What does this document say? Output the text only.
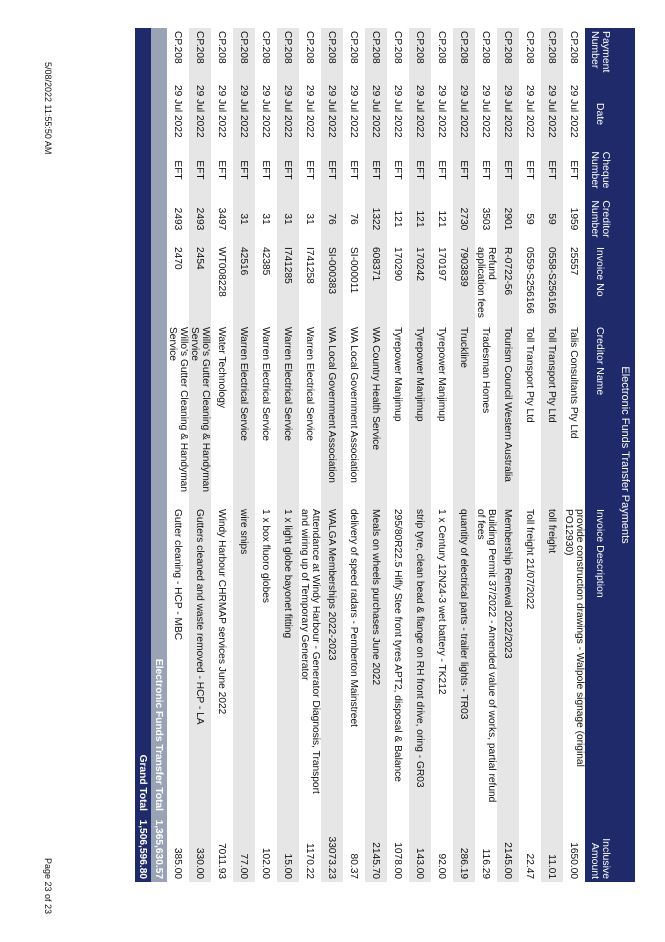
Electronic Funds Transfer Payments							
Payment Number	Date	Cheque Number	Creditor Number	Invoice No	Creditor Name	Invoice Description	Inclusive Amount
CP.208	29 Jul 2022	EFT	1959	25557	Talis Consultants Pty Ltd	provide construction drawings - Walpole signage (original PO12930)	1650.00
CP.208	29 Jul 2022	EFT	59	0558-S256166	Toll Transport Pty Ltd	toll freight	11.01
CP.208	29 Jul 2022	EFT	59	0559-S256166	Toll Transport Pty Ltd	Toll freight 21/07/2022	22.47
CP.208	29 Jul 2022	EFT	2901	R-0722-56	Tourism Council Western Australia	Membership Renewal 2022/2023	2145.00
CP.208	29 Jul 2022	EFT	3503	Refund application fees	Tradesman Homes	Building Permit 37/2022 - Amended value of works, partial refund of fees	116.29
CP.208	29 Jul 2022	EFT	2730	7903839	Truckline	quantity of electrical parts - trailer lights - TR03	286.19
CP.208	29 Jul 2022	EFT	121	170197	Tyrepower Manjimup	1 x Century 12N24-3 wet battery - TK212	92.00
CP.208	29 Jul 2022	EFT	121	170242	Tyrepower Manjimup	strip tyre, clean bead & flange on RH front drive, oring - GR03	143.00
CP.208	29 Jul 2022	EFT	121	170290	Tyrepower Manjimup	295/80R22.5 Hifly Stee front tyres APT2, disposal & Balance	1078.00
CP.208	29 Jul 2022	EFT	1322	608371	WA Country Health Service	Meals on wheels purchases June 2022	2145.70
CP.208	29 Jul 2022	EFT	76	SI-000011	WA Local Government Association	delivery of speed radars - Pemberton Mainstreet	80.37
CP.208	29 Jul 2022	EFT	76	SI-000383	WA Local Government Association	WALGA Memberships 2022-2023	33073.23
CP.208	29 Jul 2022	EFT	31	I741258	Warren Electrical Service	Attendance at Windy Harbour - Generator Diagnosis, Transport and wiring up of Temporary Generator	1170.22
CP.208	29 Jul 2022	EFT	31	I741285	Warren Electrical Service	1 x light globe bayonet fitting	15.00
CP.208	29 Jul 2022	EFT	31	42385	Warren Electrical Service	1 x box fluoro globes	102.00
CP.208	29 Jul 2022	EFT	31	42516	Warren Electrical Service	wire snips	77.00
CP.208	29 Jul 2022	EFT	3497	WT008228	Water Technology	Windy Harbour CHRMAP services June 2022	7011.93
CP.208	29 Jul 2022	EFT	2493	2454	Willo's Gutter Cleaning & Handyman Service	Gutters cleaned and waste removed - HCP - LA	330.00
CP.208	29 Jul 2022	EFT	2493	2470	Willo's Gutter Cleaning & Handyman Service	Gutter cleaning - HCP - MBC	385.00
	Electronic Funds Transfer Total						1,365,630.57
Grand Total							1,506,596.80
5/08/2022 11:55:50 AM
Page 23 of 23
